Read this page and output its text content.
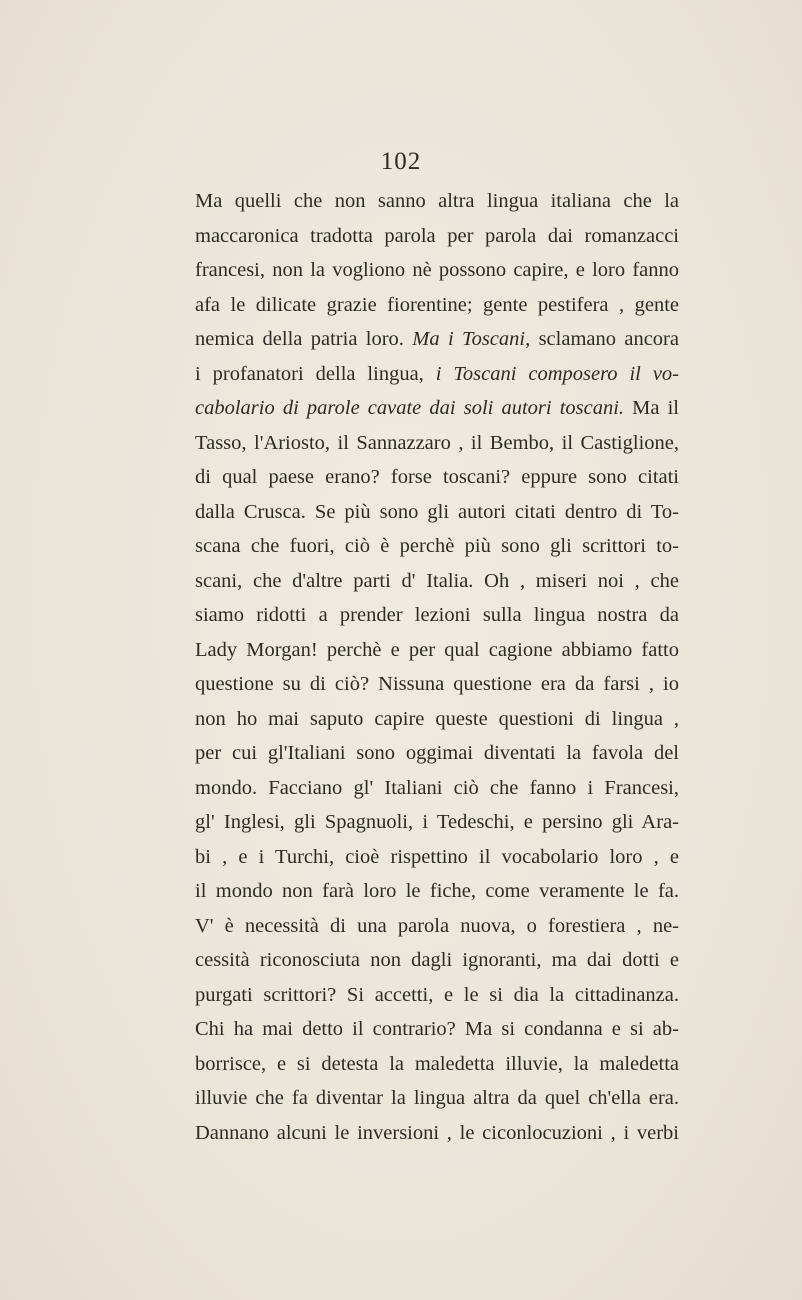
102
Ma quelli che non sanno altra lingua italiana che la
maccaronica tradotta parola per parola dai romanzacci
francesi, non la vogliono nè possono capire, e loro fanno
afa le dilicate grazie fiorentine; gente pestifera , gente
nemica della patria loro. Ma i Toscani, sclamano ancora
i profanatori della lingua, i Toscani composero il vo-
cabolario di parole cavate dai soli autori toscani. Ma il
Tasso, l'Ariosto, il Sannazzaro , il Bembo, il Castiglione,
di qual paese erano? forse toscani? eppure sono citati
dalla Crusca. Se più sono gli autori citati dentro di To-
scana che fuori, ciò è perchè più sono gli scrittori to-
scani, che d'altre parti d' Italia. Oh , miseri noi , che
siamo ridotti a prender lezioni sulla lingua nostra da
Lady Morgan! perchè e per qual cagione abbiamo fatto
questione su di ciò? Nissuna questione era da farsi , io
non ho mai saputo capire queste questioni di lingua ,
per cui gl'Italiani sono oggimai diventati la favola del
mondo. Facciano gl' Italiani ciò che fanno i Francesi,
gl' Inglesi, gli Spagnuoli, i Tedeschi, e persino gli Ara-
bi , e i Turchi, cioè rispettino il vocabolario loro , e
il mondo non farà loro le fiche, come veramente le fa.
V' è necessità di una parola nuova, o forestiera , ne-
cessità riconosciuta non dagli ignoranti, ma dai dotti e
purgati scrittori? Si accetti, e le si dia la cittadinanza.
Chi ha mai detto il contrario? Ma si condanna e si ab-
borrisce, e si detesta la maledetta illuvie, la maledetta
illuvie che fa diventar la lingua altra da quel ch'ella era.
Dannano alcuni le inversioni , le ciconlocuzioni , i verbi
